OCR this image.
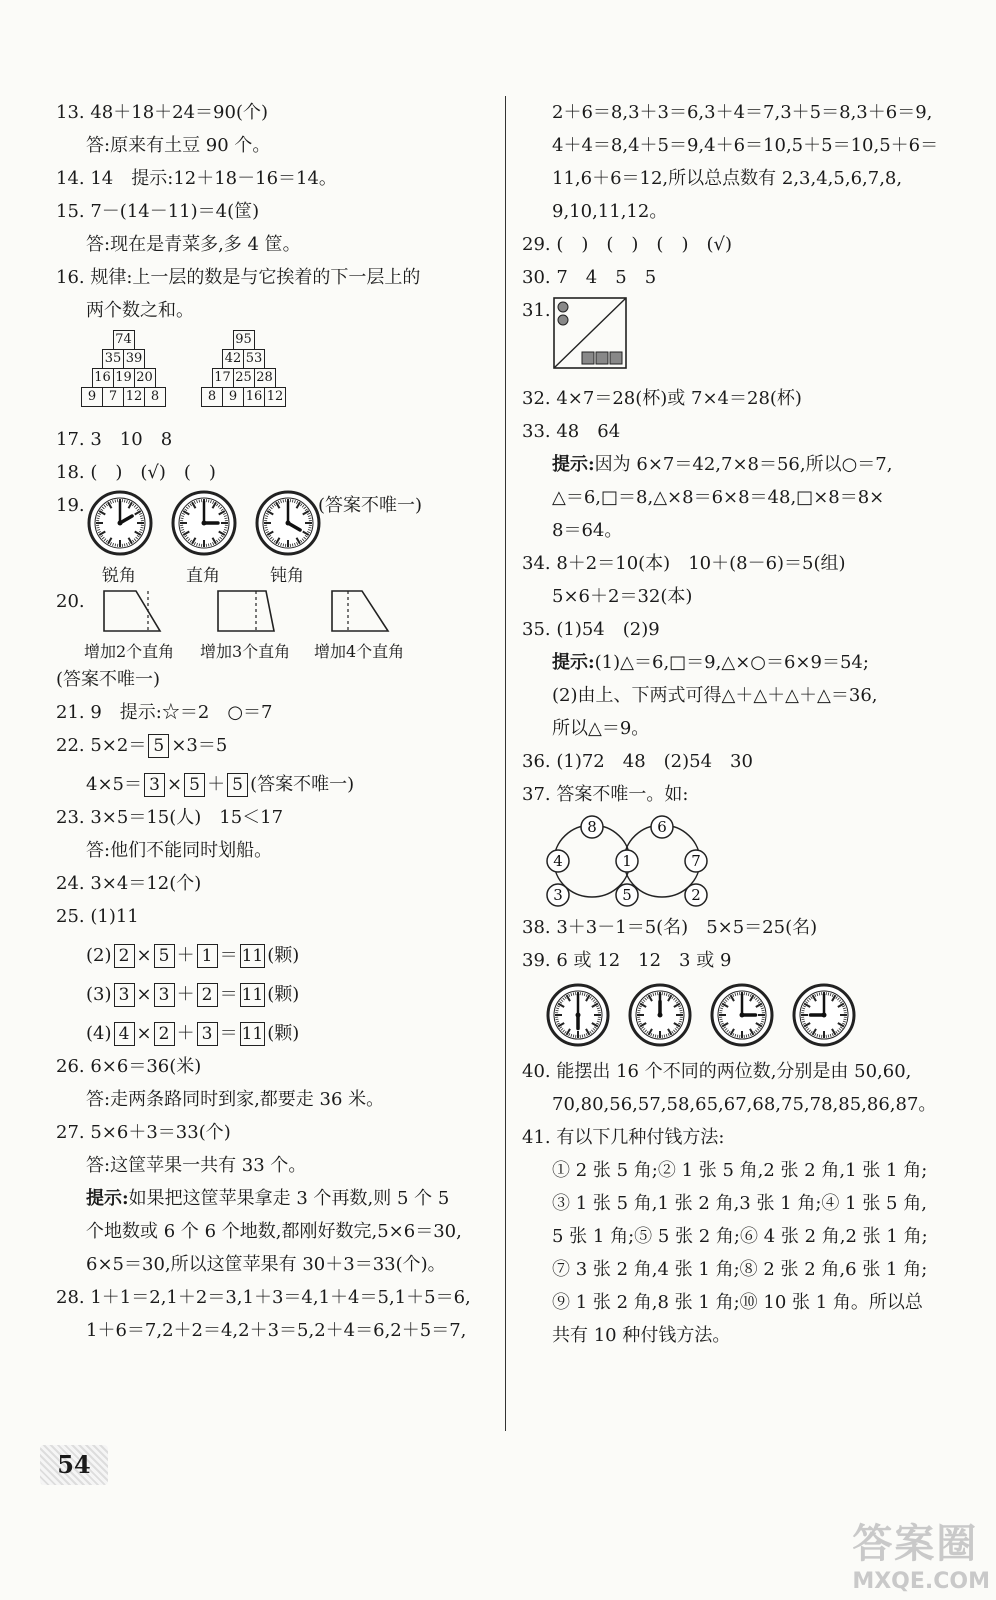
13. 48＋18＋24＝90(个)
答:原来有土豆 90 个。
14. 14　提示:12＋18－16＝14。
15. 7－(14－11)＝4(筐)
答:现在是青菜多,多 4 筐。
16. 规律:上一层的数是与它挨着的下一层上的
两个数之和。
74
35 39
16 19 20
9 7 12 8
95
42 53
17 25 28
8 9 16 12
17. 3　10　8
18. (　)　(√)　(　)
19.	(答案不唯一)
锐角	直角	钝角
20.
增加2个直角 增加3个直角 增加4个直角
(答案不唯一)
21. 9　提示:☆＝2　○＝7
22. 5×2＝ 5 ×3＝5
4×5＝ 3 × 5 ＋ 5 (答案不唯一)
23. 3×5＝15(人)　15＜17
答:他们不能同时划船。
24. 3×4＝12(个)
25. (1)11
(2) 2 × 5 ＋ 1 ＝ 11 (颗)
(3) 3 × 3 ＋ 2 ＝ 11 (颗)
(4) 4 × 2 ＋ 3 ＝ 11 (颗)
26. 6×6＝36(米)
答:走两条路同时到家,都要走 36 米。
27. 5×6＋3＝33(个)
答:这筐苹果一共有 33 个。
提示:如果把这筐苹果拿走 3 个再数,则 5 个 5
个地数或 6 个 6 个地数,都刚好数完,5×6＝30,
6×5＝30,所以这筐苹果有 30＋3＝33(个)。
28. 1＋1＝2,1＋2＝3,1＋3＝4,1＋4＝5,1＋5＝6,
1＋6＝7,2＋2＝4,2＋3＝5,2＋4＝6,2＋5＝7,
2＋6＝8,3＋3＝6,3＋4＝7,3＋5＝8,3＋6＝9,
4＋4＝8,4＋5＝9,4＋6＝10,5＋5＝10,5＋6＝
11,6＋6＝12,所以总点数有 2,3,4,5,6,7,8,
9,10,11,12。
29. (　)　(　)　(　)　(√)
30. 7　4　5　5
31.
32. 4×7＝28(杯)或 7×4＝28(杯)
33. 48　64
提示:因为 6×7＝42,7×8＝56,所以○＝7,
△＝6,□＝8,△×8＝6×8＝48,□×8＝8×
8＝64。
34. 8＋2＝10(本)　10＋(8－6)＝5(组)
5×6＋2＝32(本)
35. (1)54　(2)9
提示:(1)△＝6,□＝9,△×○＝6×9＝54;
(2)由上、下两式可得△＋△＋△＋△＝36,
所以△＝9。
36. (1)72　48　(2)54　30
37. 答案不唯一。如:
8	6
4	1	7
3	5	2
38. 3＋3－1＝5(名)　5×5＝25(名)
39. 6 或 12　12　3 或 9
40. 能摆出 16 个不同的两位数,分别是由 50,60,
70,80,56,57,58,65,67,68,75,78,85,86,87。
41. 有以下几种付钱方法:
① 2 张 5 角;② 1 张 5 角,2 张 2 角,1 张 1 角;
③ 1 张 5 角,1 张 2 角,3 张 1 角;④ 1 张 5 角,
5 张 1 角;⑤ 5 张 2 角;⑥ 4 张 2 角,2 张 1 角;
⑦ 3 张 2 角,4 张 1 角;⑧ 2 张 2 角,6 张 1 角;
⑨ 1 张 2 角,8 张 1 角;⑩ 10 张 1 角。所以总
共有 10 种付钱方法。
54
答案圈
MXQE.COM
